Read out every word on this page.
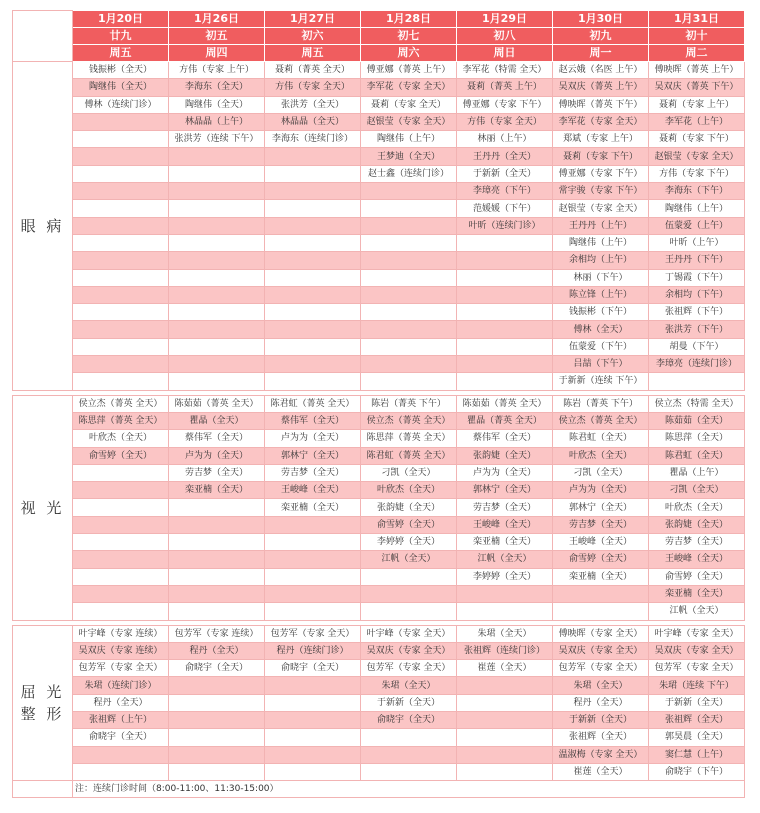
	1月20日	1月26日	1月27日	1月28日	1月29日	1月30日	1月31日
	廿九	初五	初六	初七	初八	初九	初十
	周五	周四	周五	周六	周日	周一	周二
眼 病	钱振彬（全天）	方伟（专家 上午）	聂莉（菁英 全天）	傅亚娜（菁英 上午）	李军花（特需 全天）	赵云娥（名医 上午）	傅映晖（菁英 上午）
	陶继伟（全天）	李海东（全天）	方伟（专家 全天）	李军花（专家 全天）	聂莉（菁英 上午）	吴双庆（菁英 上午）	吴双庆（菁英 下午）
	傅林（连续门诊）	陶继伟（全天）	张洪芳（全天）	聂莉（专家 全天）	傅亚娜（专家 下午）	傅映晖（菁英 下午）	聂莉（专家 上午）
		林晶晶（上午）	林晶晶（全天）	赵银莹（专家 全天）	方伟（专家 全天）	李军花（专家 全天）	李军花（上午）
		张洪芳（连续 下午）	李海东（连续门诊）	陶继伟（上午）	林丽（上午）	郑斌（专家 上午）	聂莉（专家 下午）
				王梦迪（全天）	王丹丹（全天）	聂莉（专家 下午）	赵银莹（专家 全天）
				赵士鑫（连续门诊）	于新新（全天）	傅亚娜（专家 下午）	方伟（专家 下午）
					李璋亮（下午）	常宇骏（专家 下午）	李海东（下午）
					范媛媛（下午）	赵银莹（专家 全天）	陶继伟（上午）
					叶昕（连续门诊）	王丹丹（上午）	伍蒙爱（上午）
						陶继伟（上午）	叶昕（上午）
						余相均（上午）	王丹丹（下午）
						林丽（下午）	丁锡霞（下午）
						陈立锋（上午）	余相均（下午）
						钱振彬（下午）	张祖辉（下午）
						傅林（全天）	张洪芳（下午）
						伍蒙爱（下午）	胡曼（下午）
						吕喆（下午）	李璋亮（连续门诊）
						于新新（连续 下午）	

视 光	侯立杰（菁英 全天）	陈茹茹（菁英 全天）	陈君虹（菁英 全天）	陈岩（菁英 下午）	陈茹茹（菁英 全天）	陈岩（菁英 下午）	侯立杰（特需 全天）
	陈思萍（菁英 全天）	瞿晶（全天）	蔡伟军（全天）	侯立杰（菁英 全天）	瞿晶（菁英 全天）	侯立杰（菁英 全天）	陈茹茹（全天）
	叶欣杰（全天）	蔡伟军（全天）	卢为为（全天）	陈思萍（菁英 全天）	蔡伟军（全天）	陈君虹（全天）	陈思萍（全天）
	俞雪婷（全天）	卢为为（全天）	郭林宁（全天）	陈君虹（菁英 全天）	张韵婕（全天）	叶欣杰（全天）	陈君虹（全天）
		劳吉梦（全天）	劳吉梦（全天）	刁凯（全天）	卢为为（全天）	刁凯（全天）	瞿晶（上午）
		栾亚楠（全天）	王峻峰（全天）	叶欣杰（全天）	郭林宁（全天）	卢为为（全天）	刁凯（全天）
			栾亚楠（全天）	张韵婕（全天）	劳吉梦（全天）	郭林宁（全天）	叶欣杰（全天）
				俞雪婷（全天）	王峻峰（全天）	劳吉梦（全天）	张韵婕（全天）
				李婷婷（全天）	栾亚楠（全天）	王峻峰（全天）	劳吉梦（全天）
				江帆（全天）	江帆（全天）	俞雪婷（全天）	王峻峰（全天）
					李婷婷（全天）	栾亚楠（全天）	俞雪婷（全天）
							栾亚楠（全天）
							江帆（全天）

屈 光 整 形	叶宇峰（专家 连续）	包芳军（专家 连续）	包芳军（专家 全天）	叶宇峰（专家 全天）	朱珺（全天）	傅映晖（专家 全天）	叶宇峰（专家 全天）
	吴双庆（专家 连续）	程丹（全天）	程丹（连续门诊）	吴双庆（专家 全天）	张祖辉（连续门诊）	吴双庆（专家 全天）	吴双庆（专家 全天）
	包芳军（专家 全天）	俞晓宇（全天）	俞晓宇（全天）	包芳军（专家 全天）	崔莲（全天）	包芳军（专家 全天）	包芳军（专家 全天）
	朱珺（连续门诊）			朱珺（全天）		朱珺（全天）	朱珺（连续 下午）
	程丹（全天）			于新新（全天）		程丹（全天）	于新新（全天）
	张祖辉（上午）			俞晓宇（全天）		于新新（全天）	张祖辉（全天）
	俞晓宇（全天）					张祖辉（全天）	郭昊晨（全天）
						温淑梅（专家 全天）	窦仁慧（上午）
						崔莲（全天）	俞晓宇（下午）
	注：连续门诊时间（8:00-11:00、11:30-15:00）						
